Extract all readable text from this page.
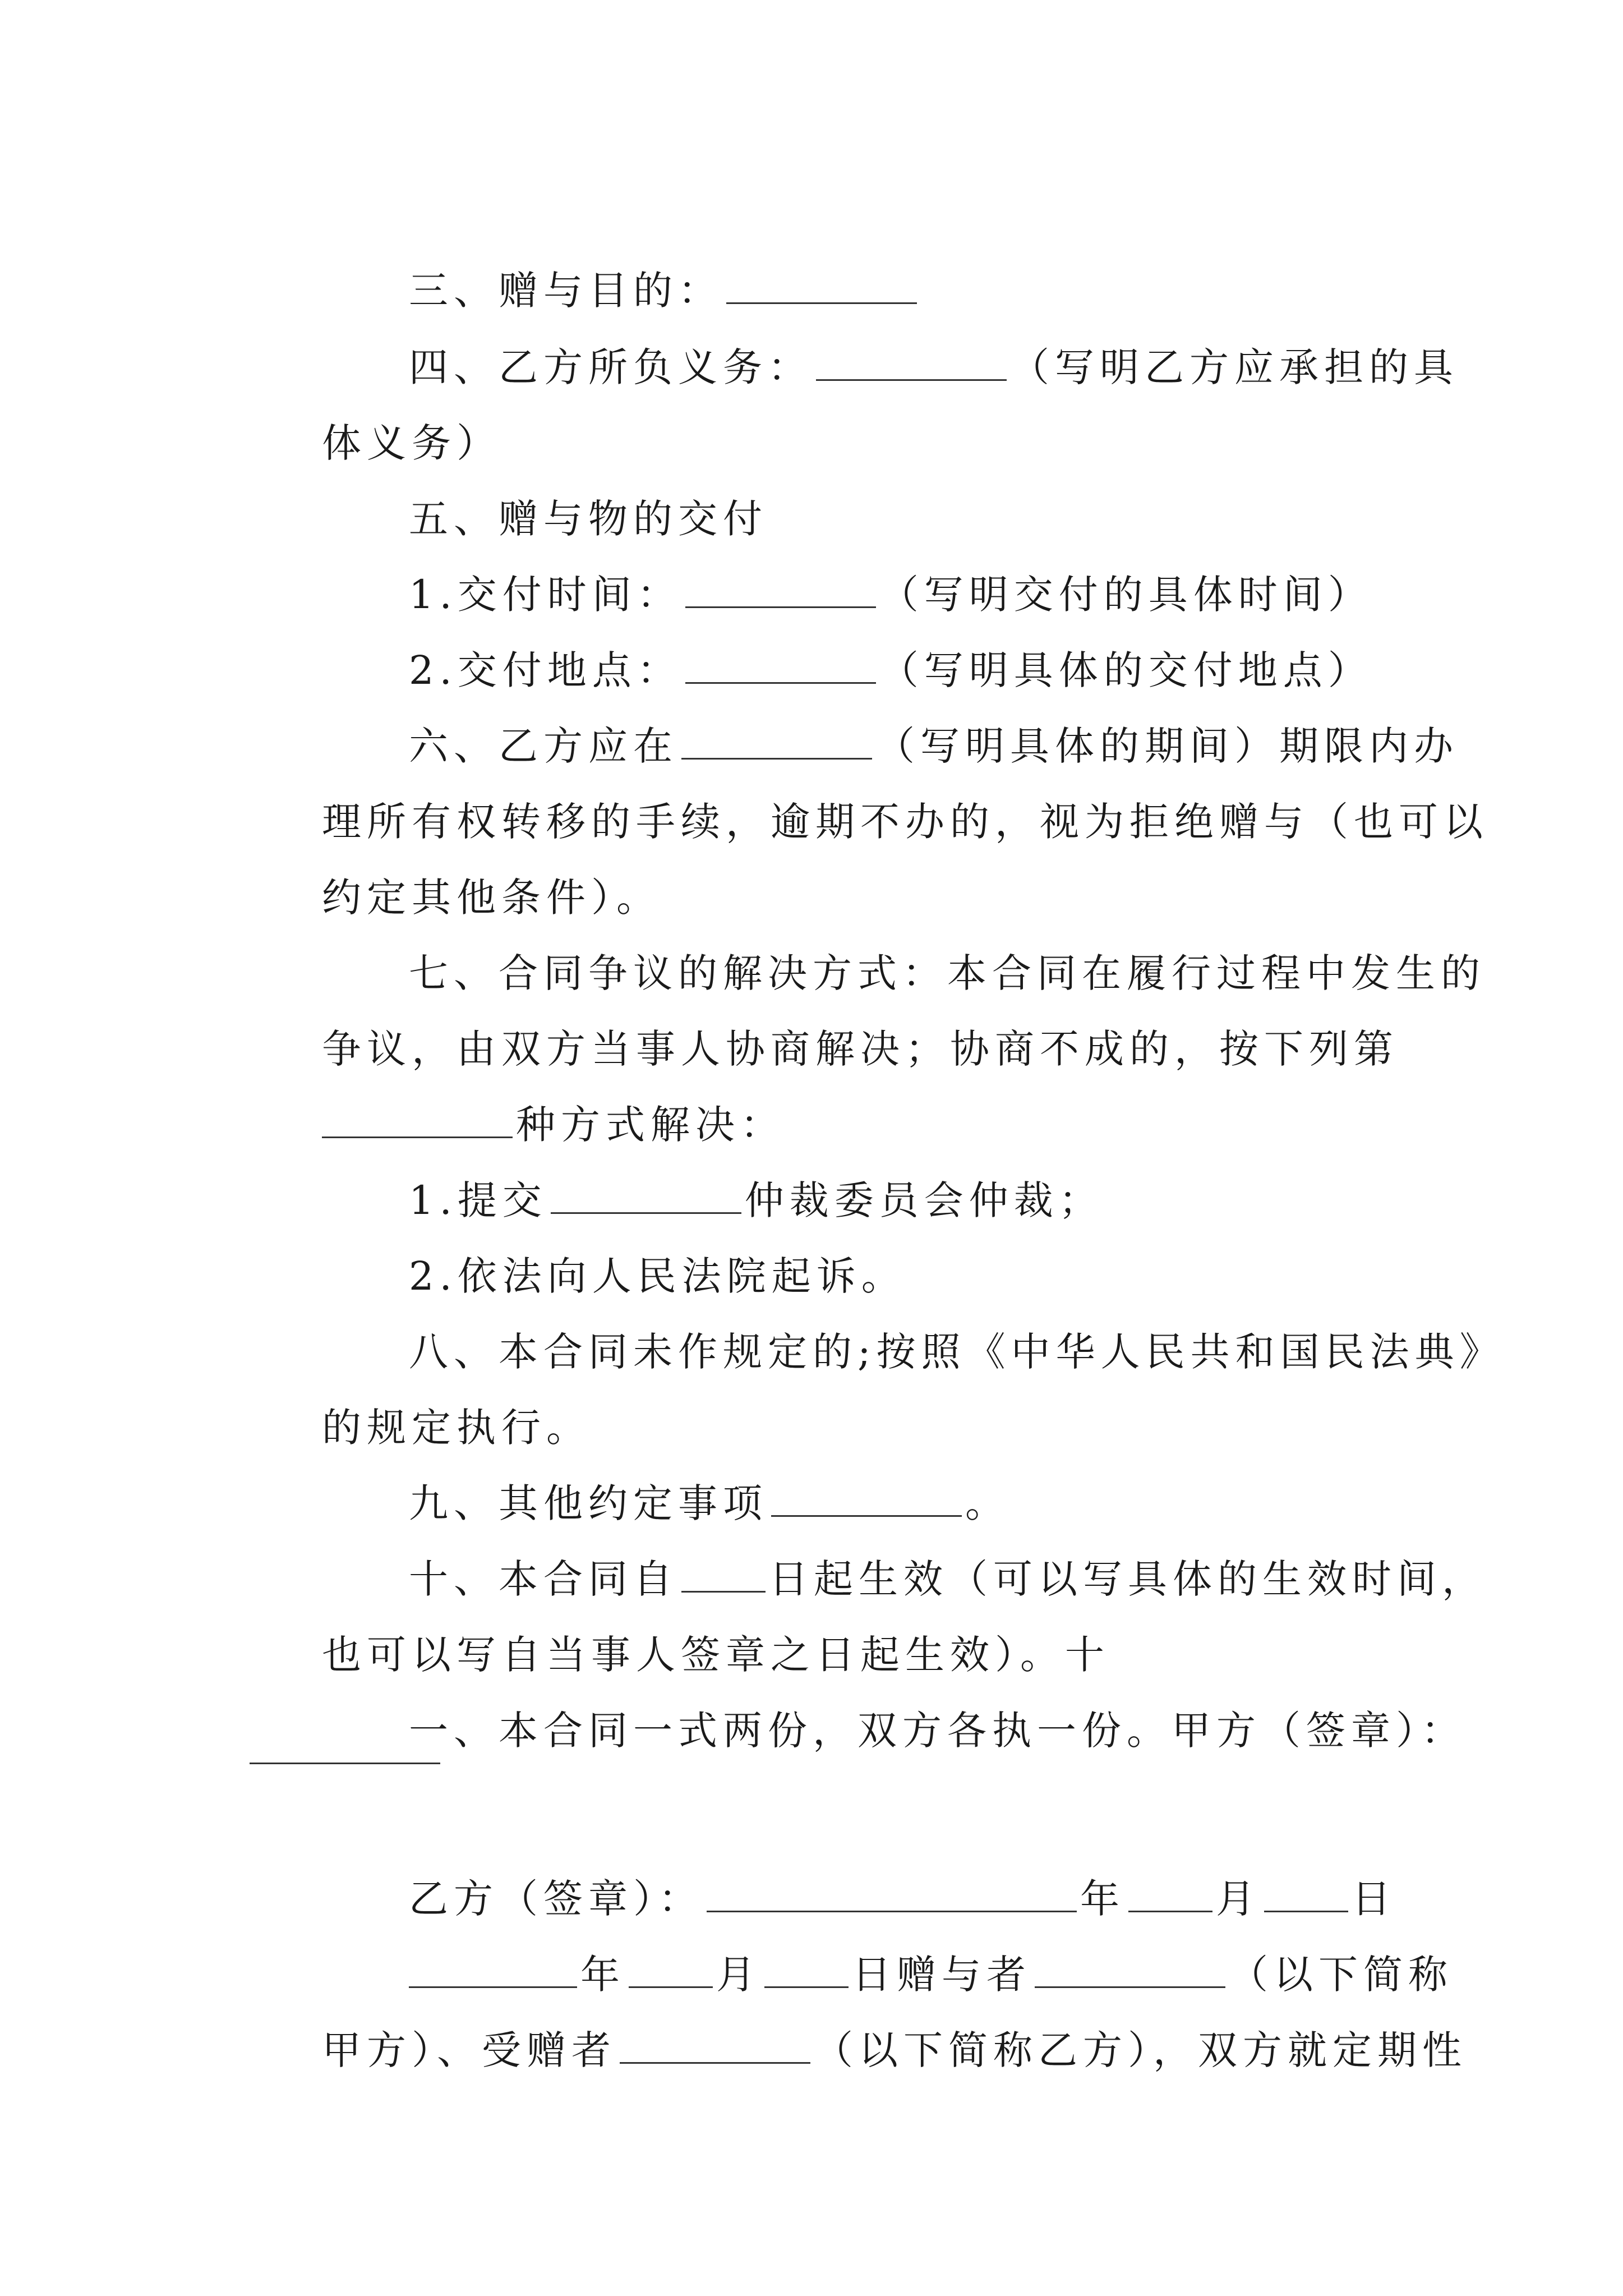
三、赠与目的：

四、乙方所负义务：	（写明乙方应承担的具

体义务）

五、赠与物的交付

1.交付时间：	（写明交付的具体时间）

2.交付地点：	（写明具体的交付地点）

六、乙方应在	（写明具体的期间）期限内办

理所有权转移的手续，逾期不办的，视为拒绝赠与（也可以

约定其他条件）。

七、合同争议的解决方式：本合同在履行过程中发生的

争议，由双方当事人协商解决；协商不成的，按下列第

种方式解决：

1.提交	仲裁委员会仲裁；

2.依法向人民法院起诉。

八、本合同未作规定的;按照《中华人民共和国民法典》

的规定执行。

九、其他约定事项	。

十、本合同自 日起生效（可以写具体的生效时间，

也可以写自当事人签章之日起生效）。十

一、本合同一式两份，双方各执一份。甲方（签章）：

乙方（签章）：	年 月 日

年 月 日赠与者	（以下简称

甲方）、受赠者	（以下简称乙方），双方就定期性
